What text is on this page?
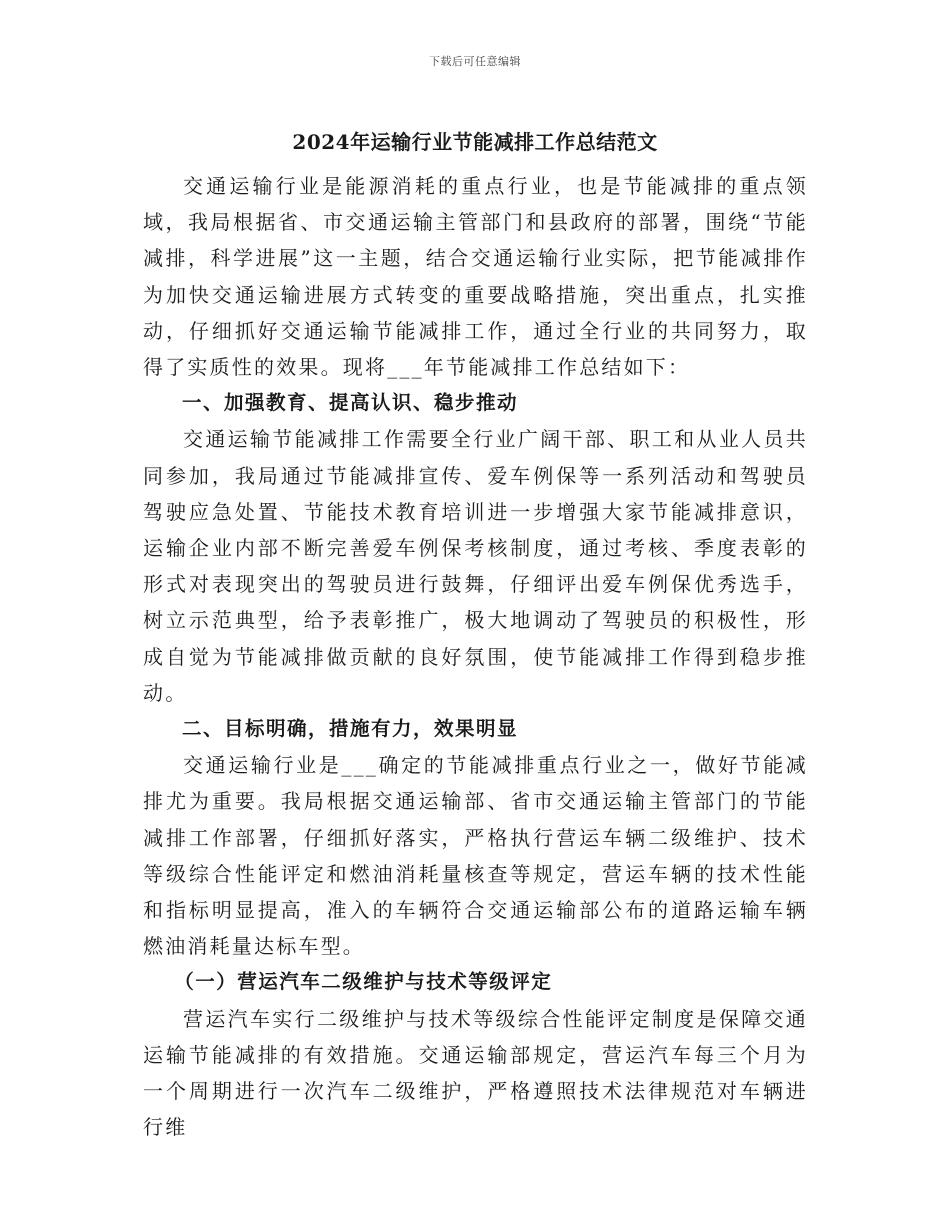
下载后可任意编辑
2024年运输行业节能减排工作总结范文

交通运输行业是能源消耗的重点行业，也是节能减排的重点领域，我局根据省、市交通运输主管部门和县政府的部署，围绕“节能减排，科学进展”这一主题，结合交通运输行业实际，把节能减排作为加快交通运输进展方式转变的重要战略措施，突出重点，扎实推动，仔细抓好交通运输节能减排工作，通过全行业的共同努力，取得了实质性的效果。现将___年节能减排工作总结如下：

一、加强教育、提高认识、稳步推动

交通运输节能减排工作需要全行业广阔干部、职工和从业人员共同参加，我局通过节能减排宣传、爱车例保等一系列活动和驾驶员驾驶应急处置、节能技术教育培训进一步增强大家节能减排意识，运输企业内部不断完善爱车例保考核制度，通过考核、季度表彰的形式对表现突出的驾驶员进行鼓舞，仔细评出爱车例保优秀选手，树立示范典型，给予表彰推广，极大地调动了驾驶员的积极性，形成自觉为节能减排做贡献的良好氛围，使节能减排工作得到稳步推动。

二、目标明确，措施有力，效果明显

交通运输行业是___确定的节能减排重点行业之一，做好节能减排尤为重要。我局根据交通运输部、省市交通运输主管部门的节能减排工作部署，仔细抓好落实，严格执行营运车辆二级维护、技术等级综合性能评定和燃油消耗量核查等规定，营运车辆的技术性能和指标明显提高，准入的车辆符合交通运输部公布的道路运输车辆燃油消耗量达标车型。

（一）营运汽车二级维护与技术等级评定

营运汽车实行二级维护与技术等级综合性能评定制度是保障交通运输节能减排的有效措施。交通运输部规定，营运汽车每三个月为一个周期进行一次汽车二级维护，严格遵照技术法律规范对车辆进行维
